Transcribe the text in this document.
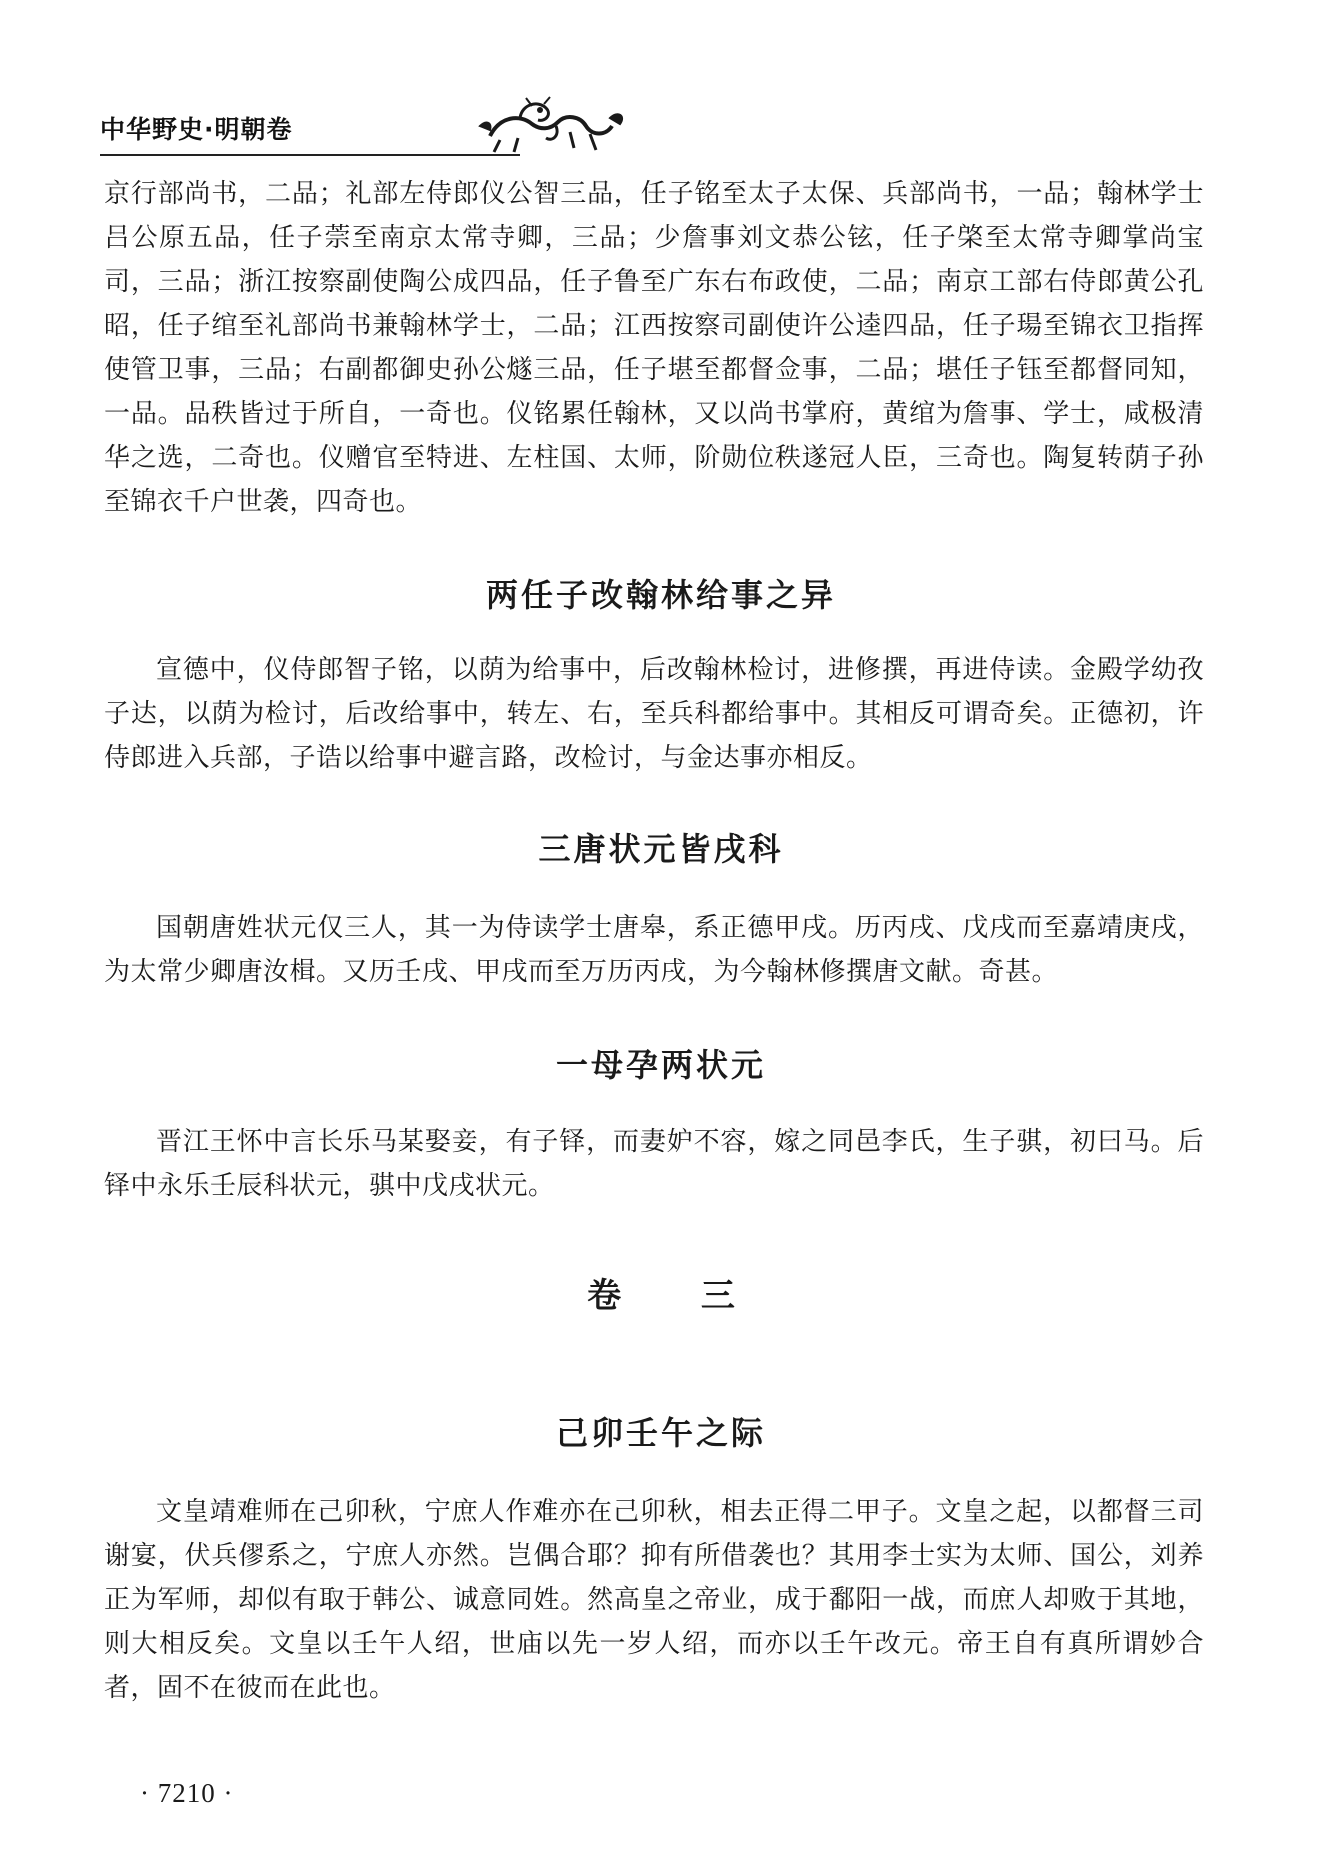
中华野史·明朝卷

京行部尚书，二品；礼部左侍郎仪公智三品，任子铭至太子太保、兵部尚书，一品；翰林学士吕公原五品，任子萗至南京太常寺卿，三品；少詹事刘文恭公铉，任子棨至太常寺卿掌尚宝司，三品；浙江按察副使陶公成四品，任子鲁至广东右布政使，二品；南京工部右侍郎黄公孔昭，任子绾至礼部尚书兼翰林学士，二品；江西按察司副使许公逵四品，任子瑒至锦衣卫指挥使管卫事，三品；右副都御史孙公燧三品，任子堪至都督佥事，二品；堪任子钰至都督同知，一品。品秩皆过于所自，一奇也。仪铭累任翰林，又以尚书掌府，黄绾为詹事、学士，咸极清华之选，二奇也。仪赠官至特进、左柱国、太师，阶勋位秩遂冠人臣，三奇也。陶复转荫子孙至锦衣千户世袭，四奇也。

两任子改翰林给事之异

宣德中，仪侍郎智子铭，以荫为给事中，后改翰林检讨，进修撰，再进侍读。金殿学幼孜子达，以荫为检讨，后改给事中，转左、右，至兵科都给事中。其相反可谓奇矣。正德初，许侍郎进入兵部，子诰以给事中避言路，改检讨，与金达事亦相反。

三唐状元皆戌科

国朝唐姓状元仅三人，其一为侍读学士唐皋，系正德甲戌。历丙戌、戊戌而至嘉靖庚戌，为太常少卿唐汝楫。又历壬戌、甲戌而至万历丙戌，为今翰林修撰唐文献。奇甚。

一母孕两状元

晋江王怀中言长乐马某娶妾，有子铎，而妻妒不容，嫁之同邑李氏，生子骐，初曰马。后铎中永乐壬辰科状元，骐中戊戌状元。

卷 三
己卯壬午之际

文皇靖难师在己卯秋，宁庶人作难亦在己卯秋，相去正得二甲子。文皇之起，以都督三司谢宴，伏兵僇系之，宁庶人亦然。岂偶合耶？抑有所借袭也？其用李士实为太师、国公，刘养正为军师，却似有取于韩公、诚意同姓。然高皇之帝业，成于鄱阳一战，而庶人却败于其地，则大相反矣。文皇以壬午人绍，世庙以先一岁人绍，而亦以壬午改元。帝王自有真所谓妙合者，固不在彼而在此也。

· 7210 ·
